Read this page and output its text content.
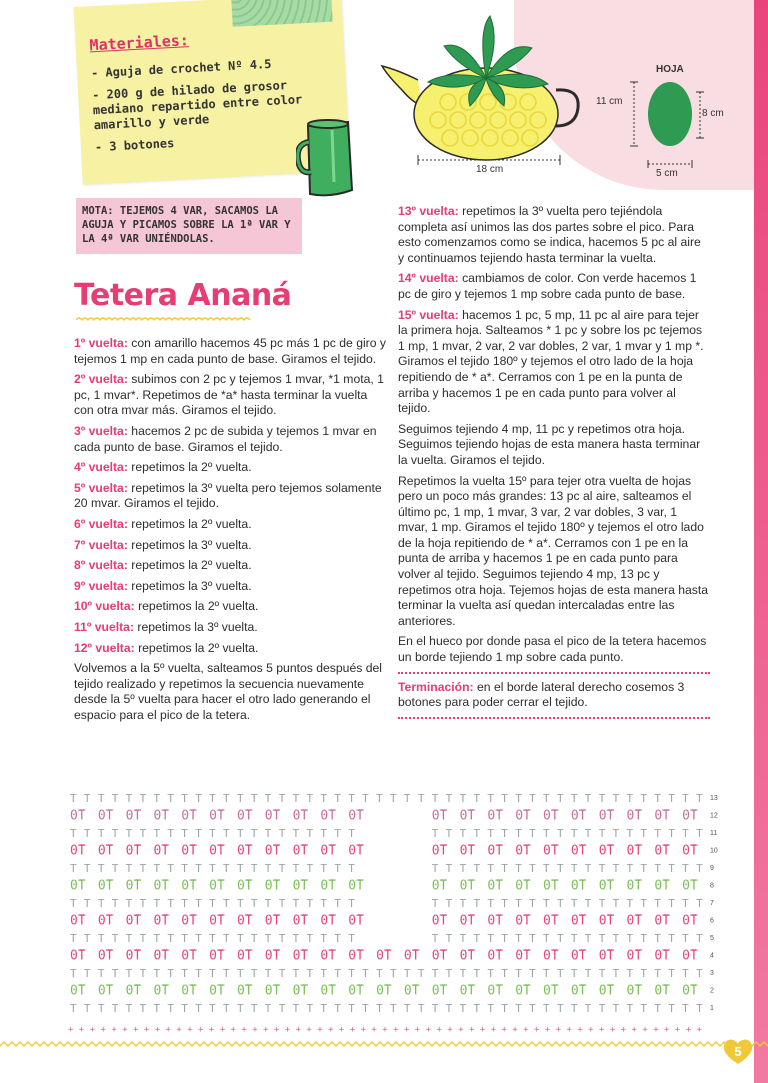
Materiales:
- Aguja de crochet Nº 4.5
- 200 g de hilado de grosor mediano repartido entre color amarillo y verde
- 3 botones
MOTA: TEJEMOS 4 VAR, SACAMOS LA AGUJA Y PICAMOS SOBRE LA 1ª VAR Y LA 4ª VAR UNIÉNDOLAS.
18 cm
HOJA
11 cm
8 cm
5 cm
Tetera Ananá

1º vuelta: con amarillo hacemos 45 pc más 1 pc de giro y tejemos 1 mp en cada punto de base. Giramos el tejido.

2º vuelta: subimos con 2 pc y tejemos 1 mvar, *1 mota, 1 pc, 1 mvar*. Repetimos de *a* hasta terminar la vuelta con otra mvar más. Giramos el tejido.

3º vuelta: hacemos 2 pc de subida y tejemos 1 mvar en cada punto de base. Giramos el tejido.

4º vuelta: repetimos la 2º vuelta.

5º vuelta: repetimos la 3º vuelta pero tejemos solamente 20 mvar. Giramos el tejido.

6º vuelta: repetimos la 2º vuelta.

7º vuelta: repetimos la 3º vuelta.

8º vuelta: repetimos la 2º vuelta.

9º vuelta: repetimos la 3º vuelta.

10º vuelta: repetimos la 2º vuelta.

11º vuelta: repetimos la 3º vuelta.

12º vuelta: repetimos la 2º vuelta.

Volvemos a la 5º vuelta, salteamos 5 puntos después del tejido realizado y repetimos la secuencia nuevamente desde la 5º vuelta para hacer el otro lado generando el espacio para el pico de la tetera.

13º vuelta: repetimos la 3º vuelta pero tejiéndola completa así unimos las dos partes sobre el pico. Para esto comenzamos como se indica, hacemos 5 pc al aire y continuamos tejiendo hasta terminar la vuelta.

14º vuelta: cambiamos de color. Con verde hacemos 1 pc de giro y tejemos 1 mp sobre cada punto de base.

15º vuelta: hacemos 1 pc, 5 mp, 11 pc al aire para tejer la primera hoja. Salteamos * 1 pc y sobre los pc tejemos 1 mp, 1 mvar, 2 var, 2 var dobles, 2 var, 1 mvar y 1 mp *. Giramos el tejido 180º y tejemos el otro lado de la hoja repitiendo de * a*. Cerramos con 1 pe en la punta de arriba y hacemos 1 pe en cada punto para volver al tejido.

Seguimos tejiendo 4 mp, 11 pc y repetimos otra hoja. Seguimos tejiendo hojas de esta manera hasta terminar la vuelta. Giramos el tejido.

Repetimos la vuelta 15º para tejer otra vuelta de hojas pero un poco más grandes: 13 pc al aire, salteamos el último pc, 1 mp, 1 mvar, 3 var, 2 var dobles, 3 var, 1 mvar, 1 mp. Giramos el tejido 180º y tejemos el otro lado de la hoja repitiendo de * a*. Cerramos con 1 pe en la punta de arriba y hacemos 1 pe en cada punto para volver al tejido. Seguimos tejiendo 4 mp, 13 pc y repetimos otra hoja. Tejemos hojas de esta manera hasta terminar la vuelta así quedan intercaladas entre las anteriores.

En el hueco por donde pasa el pico de la tetera hacemos un borde tejiendo 1 mp sobre cada punto.

Terminación: en el borde lateral derecho cosemos 3 botones para poder cerrar el tejido.

T T T T T T T T T T T T T T T T T T T T T T T T T T T T T T T T T T T T T T T T T T T T T T 13
0̃T 0̃T 0̃T 0̃T 0̃T 0̃T 0̃T 0̃T 0̃T 0̃T 0̃T	0̃T 0̃T 0̃T 0̃T 0̃T 0̃T 0̃T 0̃T 0̃T 0̃T 12
T T T T T T T T T T T T T T T T T T T T T	T T T T T T T T T T T T T T T T T T T T 11
0̃T 0̃T 0̃T 0̃T 0̃T 0̃T 0̃T 0̃T 0̃T 0̃T 0̃T	0̃T 0̃T 0̃T 0̃T 0̃T 0̃T 0̃T 0̃T 0̃T 0̃T 10
T T T T T T T T T T T T T T T T T T T T T	T T T T T T T T T T T T T T T T T T T T 9
0̃T 0̃T 0̃T 0̃T 0̃T 0̃T 0̃T 0̃T 0̃T 0̃T 0̃T	0̃T 0̃T 0̃T 0̃T 0̃T 0̃T 0̃T 0̃T 0̃T 0̃T 8
T T T T T T T T T T T T T T T T T T T T T	T T T T T T T T T T T T T T T T T T T T 7
0̃T 0̃T 0̃T 0̃T 0̃T 0̃T 0̃T 0̃T 0̃T 0̃T 0̃T	0̃T 0̃T 0̃T 0̃T 0̃T 0̃T 0̃T 0̃T 0̃T 0̃T 6
T T T T T T T T T T T T T T T T T T T T T	T T T T T T T T T T T T T T T T T T T T 5
0̃T 0̃T 0̃T 0̃T 0̃T 0̃T 0̃T 0̃T 0̃T 0̃T 0̃T 0̃T 0̃T 0̃T 0̃T 0̃T 0̃T 0̃T 0̃T 0̃T 0̃T 0̃T 0̃T 4
T T T T T T T T T T T T T T T T T T T T T T T T T T T T T T T T T T T T T T T T T T T T T T 3
0̃T 0̃T 0̃T 0̃T 0̃T 0̃T 0̃T 0̃T 0̃T 0̃T 0̃T 0̃T 0̃T 0̃T 0̃T 0̃T 0̃T 0̃T 0̃T 0̃T 0̃T 0̃T 0̃T 2
T T T T T T T T T T T T T T T T T T T T T T T T T T T T T T T T T T T T T T T T T T T T T T 1
+ + + + + + + + + + + + + + + + + + + + + + + + + + + + + + + + + + + + + + + + + + + + + + + + + + + + + + + + + + +
5
